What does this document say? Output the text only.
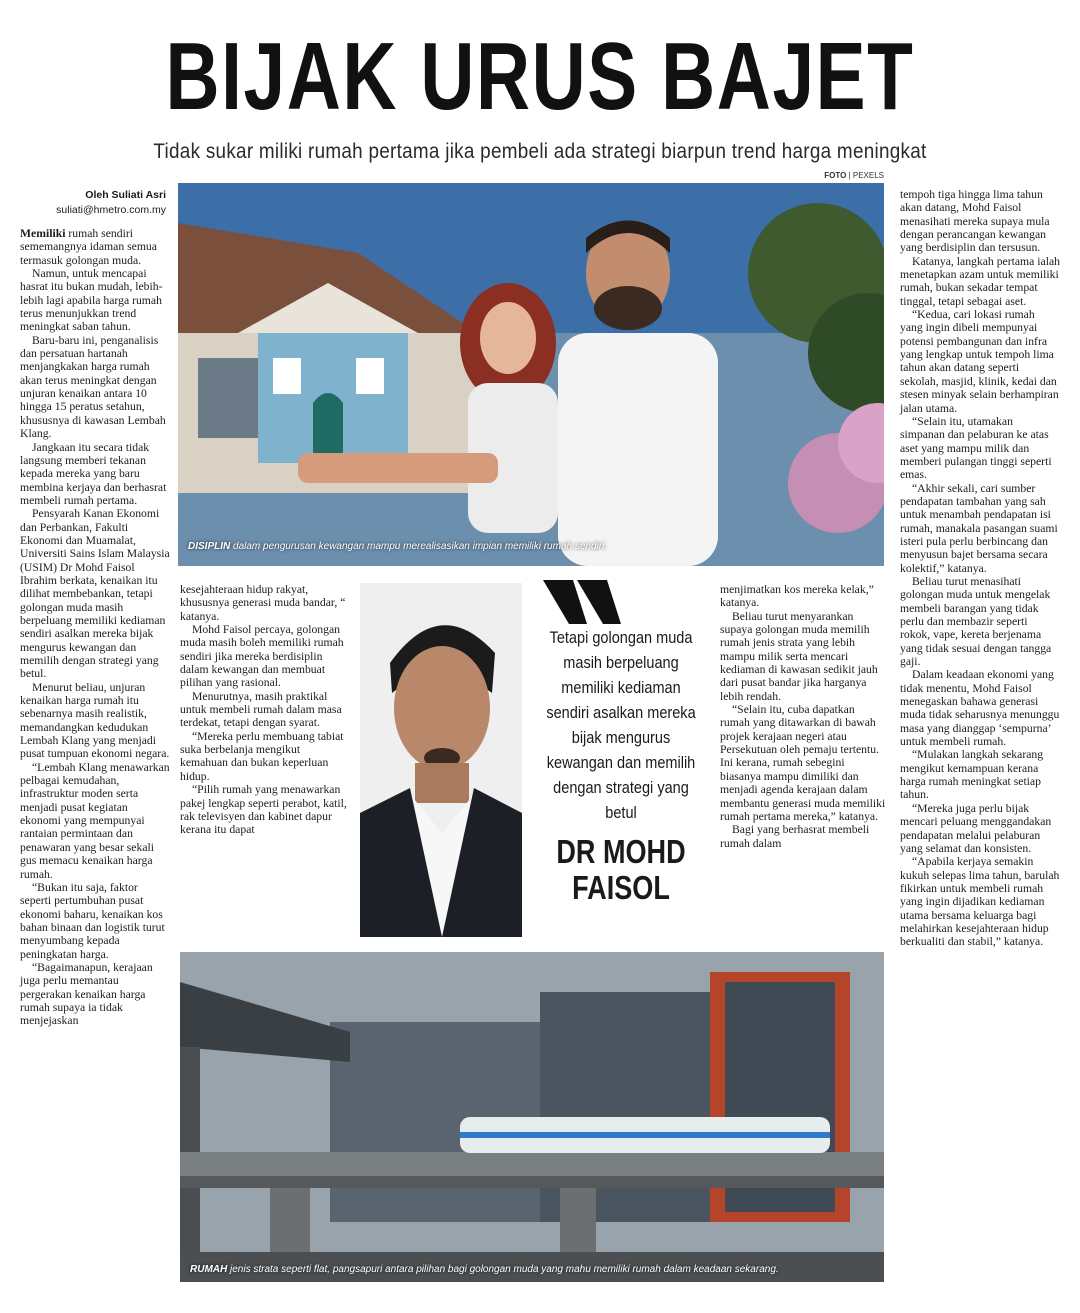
BIJAK URUS BAJET
Tidak sukar miliki rumah pertama jika pembeli ada strategi biarpun trend harga meningkat
FOTO | PEXELS
Oleh Suliati Asri
suliati@hmetro.com.my
DISIPLIN dalam pengurusan kewangan mampu merealisasikan impian memiliki rumah sendiri.
Tetapi golongan muda masih berpeluang memiliki kediaman sendiri asalkan mereka bijak mengurus kewangan dan memilih dengan strategi yang betul
DR MOHD FAISOL
RUMAH jenis strata seperti flat, pangsapuri antara pilihan bagi golongan muda yang mahu memiliki rumah dalam keadaan sekarang.

Memiliki rumah sendiri sememangnya idaman semua termasuk golongan muda.

Namun, untuk mencapai hasrat itu bukan mudah, lebih-lebih lagi apabila harga rumah terus menunjukkan trend meningkat saban tahun.

Baru-baru ini, penganalisis dan persatuan hartanah menjangkakan harga rumah akan terus meningkat dengan unjuran kenaikan antara 10 hingga 15 peratus setahun, khususnya di kawasan Lembah Klang.

Jangkaan itu secara tidak langsung memberi tekanan kepada mereka yang baru membina kerjaya dan berhasrat membeli rumah pertama.

Pensyarah Kanan Ekonomi dan Perbankan, Fakulti Ekonomi dan Muamalat, Universiti Sains Islam Malaysia (USIM) Dr Mohd Faisol Ibrahim berkata, kenaikan itu dilihat membebankan, tetapi golongan muda masih berpeluang memiliki kediaman sendiri asalkan mereka bijak mengurus kewangan dan memilih dengan strategi yang betul.

Menurut beliau, unjuran kenaikan harga rumah itu sebenarnya masih realistik, memandangkan kedudukan Lembah Klang yang menjadi pusat tumpuan ekonomi negara.

“Lembah Klang menawarkan pelbagai kemudahan, infrastruktur moden serta menjadi pusat kegiatan ekonomi yang mempunyai rantaian permintaan dan penawaran yang besar sekali gus memacu kenaikan harga rumah.

“Bukan itu saja, faktor seperti pertumbuhan pusat ekonomi baharu, kenaikan kos bahan binaan dan logistik turut menyumbang kepada peningkatan harga.

“Bagaimanapun, kerajaan juga perlu memantau pergerakan kenaikan harga rumah supaya ia tidak menjejaskan

kesejahteraan hidup rakyat, khususnya generasi muda bandar, “ katanya.

Mohd Faisol percaya, golongan muda masih boleh memiliki rumah sendiri jika mereka berdisiplin dalam kewangan dan membuat pilihan yang rasional.

Menurutnya, masih praktikal untuk membeli rumah dalam masa terdekat, tetapi dengan syarat.

“Mereka perlu membuang tabiat suka berbelanja mengikut kemahuan dan bukan keperluan hidup.

“Pilih rumah yang menawarkan pakej lengkap seperti perabot, katil, rak televisyen dan kabinet dapur kerana itu dapat

menjimatkan kos mereka kelak,” katanya.

Beliau turut menyarankan supaya golongan muda memilih rumah jenis strata yang lebih mampu milik serta mencari kediaman di kawasan sedikit jauh dari pusat bandar jika harganya lebih rendah.

“Selain itu, cuba dapatkan rumah yang ditawarkan di bawah projek kerajaan negeri atau Persekutuan oleh pemaju tertentu. Ini kerana, rumah sebegini biasanya mampu dimiliki dan menjadi agenda kerajaan dalam membantu generasi muda memiliki rumah pertama mereka,” katanya.

Bagi yang berhasrat membeli rumah dalam

tempoh tiga hingga lima tahun akan datang, Mohd Faisol menasihati mereka supaya mula dengan perancangan kewangan yang berdisiplin dan tersusun.

Katanya, langkah pertama ialah menetapkan azam untuk memiliki rumah, bukan sekadar tempat tinggal, tetapi sebagai aset.

“Kedua, cari lokasi rumah yang ingin dibeli mempunyai potensi pembangunan dan infra yang lengkap untuk tempoh lima tahun akan datang seperti sekolah, masjid, klinik, kedai dan stesen minyak selain berhampiran jalan utama.

“Selain itu, utamakan simpanan dan pelaburan ke atas aset yang mampu milik dan memberi pulangan tinggi seperti emas.

“Akhir sekali, cari sumber pendapatan tambahan yang sah untuk menambah pendapatan isi rumah, manakala pasangan suami isteri pula perlu berbincang dan menyusun bajet bersama secara kolektif,” katanya.

Beliau turut menasihati golongan muda untuk mengelak membeli barangan yang tidak perlu dan membazir seperti rokok, vape, kereta berjenama yang tidak sesuai dengan tangga gaji.

Dalam keadaan ekonomi yang tidak menentu, Mohd Faisol menegaskan bahawa generasi muda tidak seharusnya menunggu masa yang dianggap ‘sempurna’ untuk membeli rumah.

“Mulakan langkah sekarang mengikut kemampuan kerana harga rumah meningkat setiap tahun.

“Mereka juga perlu bijak mencari peluang menggandakan pendapatan melalui pelaburan yang selamat dan konsisten.

“Apabila kerjaya semakin kukuh selepas lima tahun, barulah fikirkan untuk membeli rumah yang ingin dijadikan kediaman utama bersama keluarga bagi melahirkan kesejahteraan hidup berkualiti dan stabil,” katanya.
